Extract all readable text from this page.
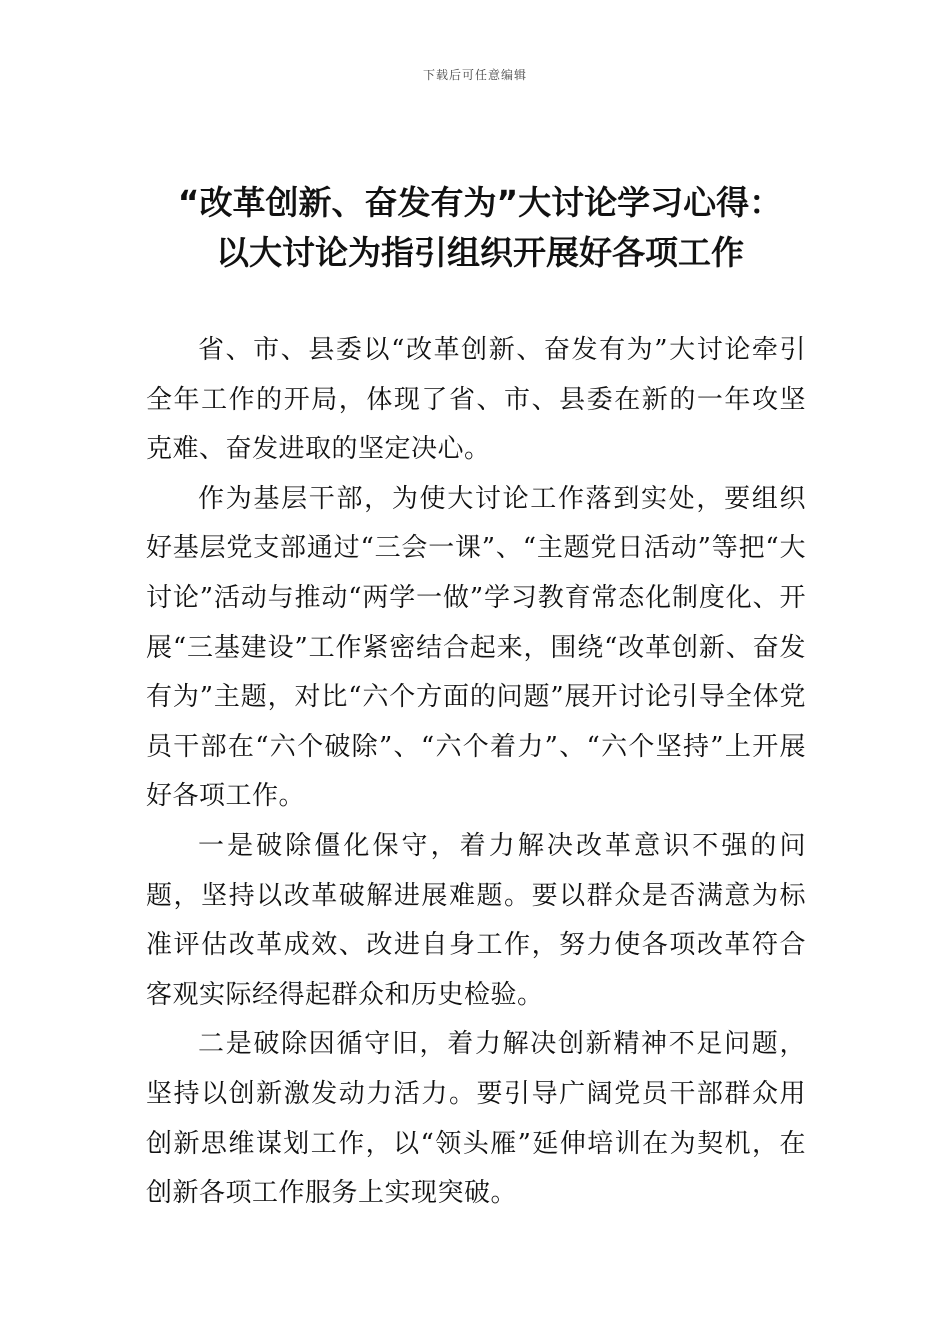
下载后可任意编辑
“改革创新、奋发有为”大讨论学习心得：
以大讨论为指引组织开展好各项工作

省、市、县委以“改革创新、奋发有为”大讨论牵引全年工作的开局，体现了省、市、县委在新的一年攻坚克难、奋发进取的坚定决心。

作为基层干部，为使大讨论工作落到实处，要组织好基层党支部通过“三会一课”、“主题党日活动”等把“大讨论”活动与推动“两学一做”学习教育常态化制度化、开展“三基建设”工作紧密结合起来，围绕“改革创新、奋发有为”主题，对比“六个方面的问题”展开讨论引导全体党员干部在“六个破除”、“六个着力”、“六个坚持”上开展好各项工作。

一是破除僵化保守，着力解决改革意识不强的问题，坚持以改革破解进展难题。要以群众是否满意为标准评估改革成效、改进自身工作，努力使各项改革符合客观实际经得起群众和历史检验。

二是破除因循守旧，着力解决创新精神不足问题，坚持以创新激发动力活力。要引导广阔党员干部群众用创新思维谋划工作，以“领头雁”延伸培训在为契机，在创新各项工作服务上实现突破。
